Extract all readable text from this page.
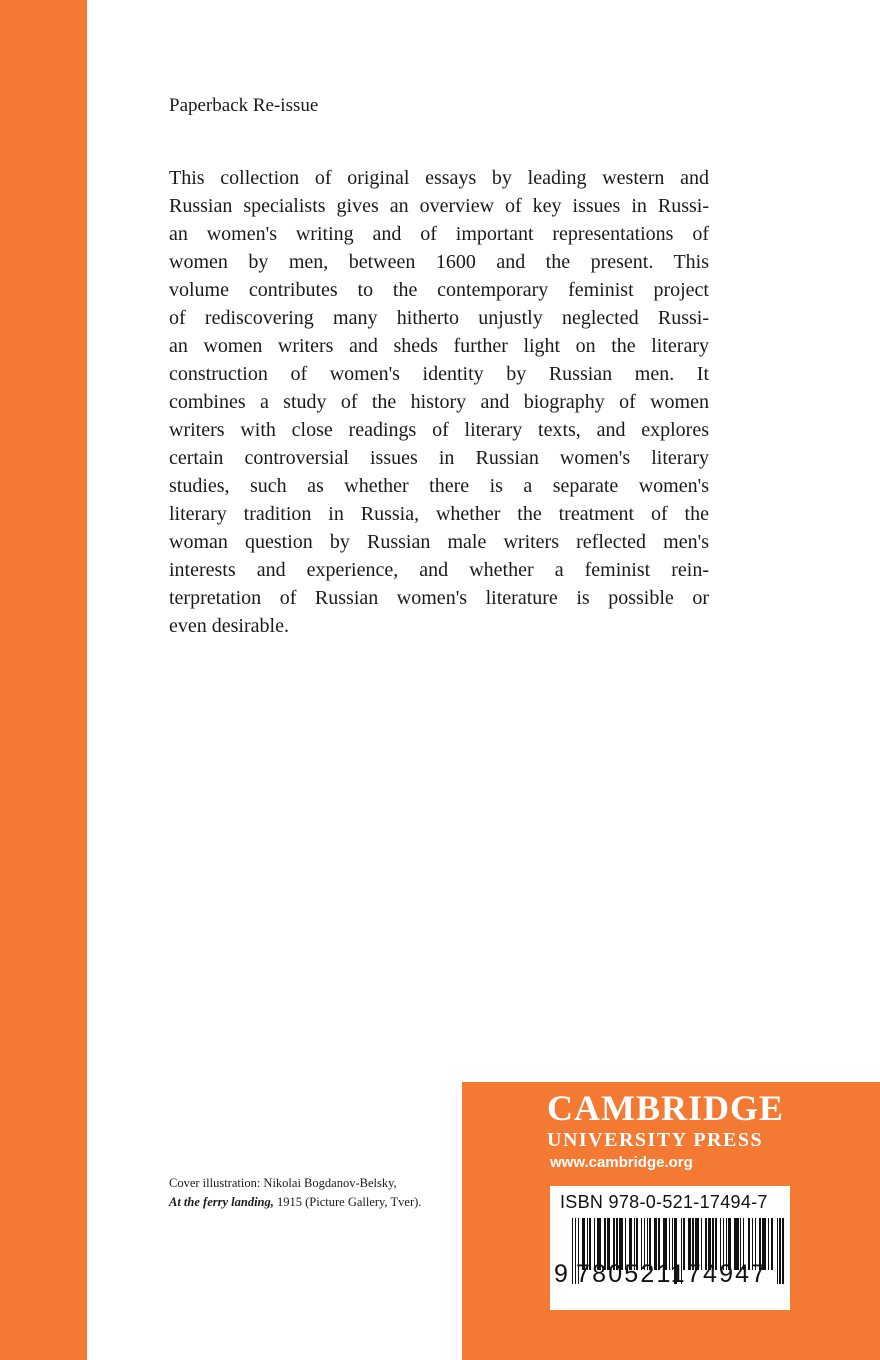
Paperback Re-issue
This collection of original essays by leading western and
Russian specialists gives an overview of key issues in Russi-
an women's writing and of important representations of
women by men, between 1600 and the present. This
volume contributes to the contemporary feminist project
of rediscovering many hitherto unjustly neglected Russi-
an women writers and sheds further light on the literary
construction of women's identity by Russian men. It
combines a study of the history and biography of women
writers with close readings of literary texts, and explores
certain controversial issues in Russian women's literary
studies, such as whether there is a separate women's
literary tradition in Russia, whether the treatment of the
woman question by Russian male writers reflected men's
interests and experience, and whether a feminist rein-
terpretation of Russian women's literature is possible or
even desirable.
Cover illustration: Nikolai Bogdanov-Belsky,
At the ferry landing, 1915 (Picture Gallery, Tver).
CAMBRIDGE
UNIVERSITY PRESS
www.cambridge.org
ISBN 978-0-521-17494-7
9 780521174947
